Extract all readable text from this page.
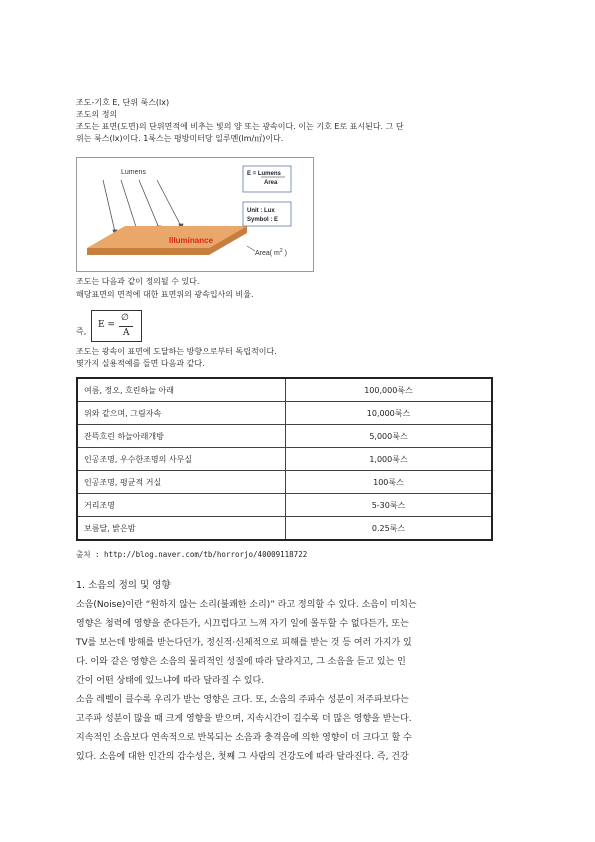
조도-기호 E, 단위 룩스(lx)
조도의 정의
조도는 표면(도면)의 단위면적에 비추는 빛의 양 또는 광속이다. 이는 기호 E로 표시된다. 그 단
위는 룩스(lx)이다. 1룩스는 평방미터당 일루멘(lm/㎡)이다.
Lumens
Illuminance
Area( $m^2$ )
E = Lumens
Area
Unit : Lux
Symbol : E
조도는 다음과 같이 정의될 수 있다.
해당표면의 면적에 대한 표면위의 광속입사의 비율.
즉,
E =
∅
A
조도는 광속이 표면에 도달하는 방향으로부터 독립적이다.
몇가지 실용적예를 들면 다음과 같다.
여름, 정오, 흐린하늘 아래	100,000룩스
위와 같으며, 그림자속	10,000룩스
잔뜩흐린 하늘아래개방	5,000룩스
인공조명, 우수한조명의 사무실	1,000룩스
인공조명, 평균적 거실	100룩스
거리조명	5-30룩스
보름달, 밝은밤	0.25룩스
출처 : http://blog.naver.com/tb/horrorjo/40009118722
1. 소음의 정의 및 영향
소음(Noise)이란 “원하지 않는 소리(불쾌한 소리)” 라고 정의할 수 있다. 소음이 미치는
영향은 청력에 영향을 준다든가, 시끄럽다고 느껴 자기 일에 몰두할 수 없다든가, 또는
TV를 보는데 방해를 받는다던가, 정신적·신체적으로 피해를 받는 것 등 여러 가지가 있
다. 이와 같은 영향은 소음의 물리적인 성질에 따라 달라지고, 그 소음을 듣고 있는 인
간이 어떤 상태에 있느냐에 따라 달라질 수 있다.
소음 레벨이 클수록 우리가 받는 영향은 크다. 또, 소음의 주파수 성분이 저주파보다는
고주파 성분이 많을 때 크게 영향을 받으며, 지속시간이 길수록 더 많은 영향을 받는다.
지속적인 소음보다 연속적으로 반복되는 소음과 충격음에 의한 영향이 더 크다고 할 수
있다. 소음에 대한 인간의 감수성은, 첫째 그 사람의 건강도에 따라 달라진다. 즉, 건강
